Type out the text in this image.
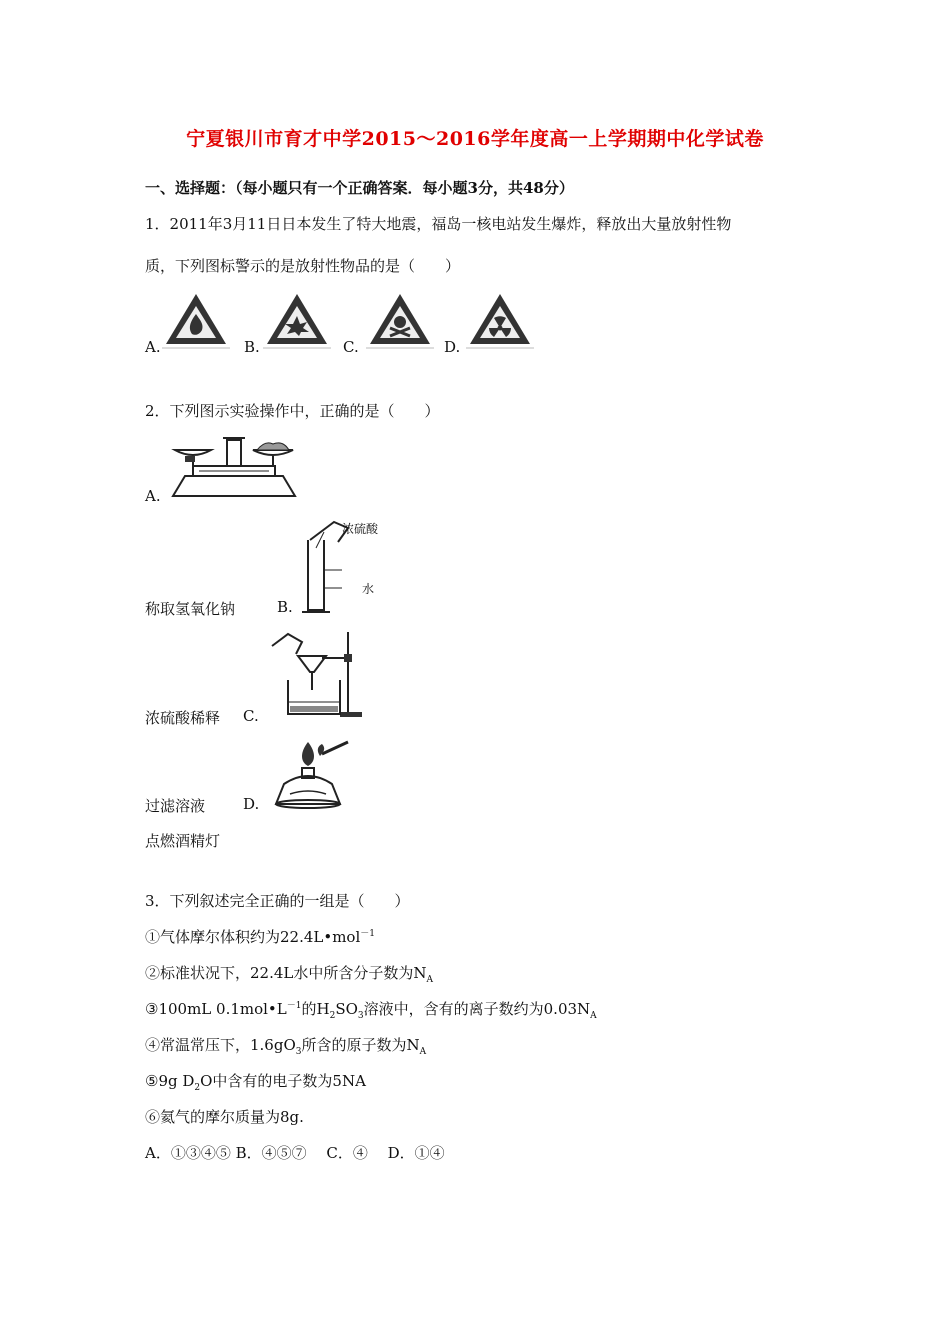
宁夏银川市育才中学2015～2016学年度高一上学期期中化学试卷
一、选择题：（每小题只有一个正确答案．每小题3分，共48分）
1．2011年3月11日日本发生了特大地震，福岛一核电站发生爆炸，释放出大量放射性物
质，下列图标警示的是放射性物品的是（　　）
A.	B.	C.	D.
2．下列图示实验操作中，正确的是（　　）
A.
浓硫酸
水
称取氢氧化钠	B.
浓硫酸稀释 C.
过滤溶液	D.
点燃酒精灯
3．下列叙述完全正确的一组是（　　）
①气体摩尔体积约为22.4L•mol$^{-1}$
②标准状况下，22.4L水中所含分子数为$N_A$
③100mL $0.1mol•L^{-1}$的$H_2SO_3$溶液中，含有的离子数约为$0.03N_A$
④常温常压下，$1.6gO_3$所含的原子数为$N_A$
⑤9g $D_2O$中含有的电子数为5NA
⑥氦气的摩尔质量为8g.
A．①③④⑤ B．④⑤⑦　 C．④　 D．①④
